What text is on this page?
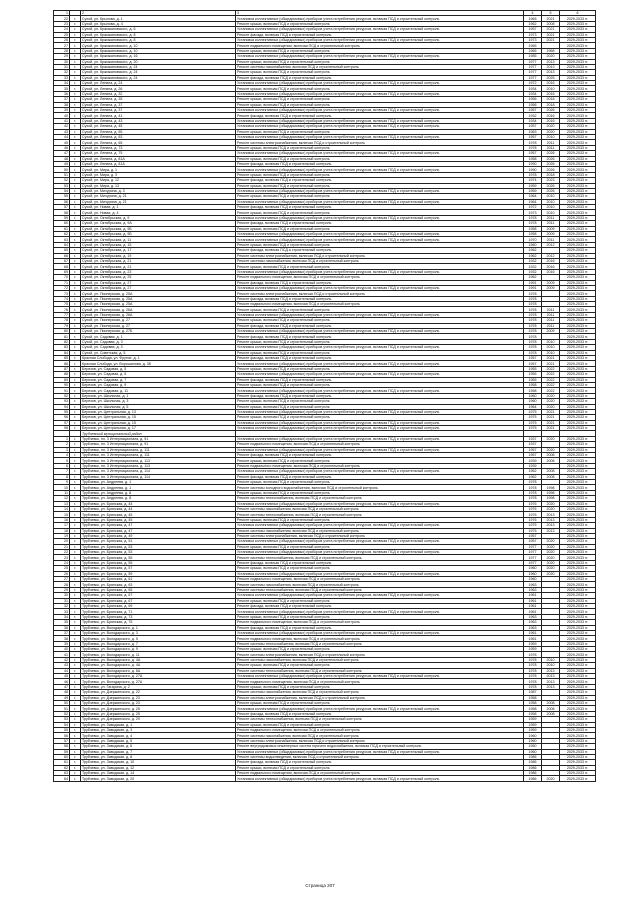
1		2	3	4	5	6
22	г.	Сухой, ул. Крылова, д. 1	Установка коллективных (общедомовых) приборов учета потребления ресурсов, включая ПСД и строительный контроль	1965	2021	2029-2033 гг.
23	г.	Сухой, ул. Крылова, д. 4	Ремонт крыши, включая ПСД и строительный контроль	1962	2008	2029-2033 гг.
24	г.	Сухой, ул. Кржижановского, д. 6	Установка коллективных (общедомовых) приборов учета потребления ресурсов, включая ПСД и строительный контроль	1957	2021	2029-2033 гг.
25	г.	Сухой, ул. Кржижановского, д. 8	Ремонт фасада, включая ПСД и строительный контроль	1973	2021	2029-2033 гг.
26	г.	Сухой, ул. Кржижановского, д. 8	Установка коллективных (общедомовых) приборов учета потребления ресурсов, включая ПСД и строительный контроль	1973	2021	2029-2033 гг.
27	г.	Сухой, ул. Кржижановского, д. 10	Ремонт подвального помещения, включая ПСД и строительный контроль	1965		2029-2033 гг.
28	г.	Сухой, ул. Кржижановского, д. 10	Ремонт крыши, включая ПСД и строительный контроль	1965	1968	2029-2033 гг.
29	г.	Сухой, ул. Кржижановского, д. 16	Установка коллективных (общедомовых) приборов учета потребления ресурсов, включая ПСД и строительный контроль	1985	2020	2029-2033 гг.
30	г.	Сухой, ул. Кржижановского, д. 20	Ремонт крыши, включая ПСД и строительный контроль	1977	2013	2029-2033 гг.
31	г.	Сухой, ул. Кржижановского, д. 24	Ремонт системы газоснабжения, включая ПСД и строительный контроль	1977	2013	2029-2033 гг.
32	г.	Сухой, ул. Кржижановского, д. 24	Ремонт крыши, включая ПСД и строительный контроль	1977	2013	2029-2033 гг.
33	г.	Сухой, ул. Кржижановского, д. 24	Ремонт фасада, включая ПСД и строительный контроль	1977	2025	2029-2033 гг.
34	г.	Сухой, ул. Ленина, д. 24	Установка коллективных (общедомовых) приборов учета потребления ресурсов, включая ПСД и строительный контроль	1972	2016	2029-2033 гг.
35	г.	Сухой, ул. Ленина, д. 26	Ремонт крыши, включая ПСД и строительный контроль	1934	2010	2029-2033 гг.
36	г.	Сухой, ул. Ленина, д. 32	Установка коллективных (общедомовых) приборов учета потребления ресурсов, включая ПСД и строительный контроль	1934	2016	2029-2033 гг.
37	г.	Сухой, ул. Ленина, д. 35	Ремонт крыши, включая ПСД и строительный контроль	1956	2018	2029-2033 гг.
38	г.	Сухой, ул. Ленина, д. 37	Ремонт крыши, включая ПСД и строительный контроль	1956	2018	2029-2033 гг.
39	г.	Сухой, ул. Ленина, д. 37	Установка коллективных (общедомовых) приборов учета потребления ресурсов, включая ПСД и строительный контроль	1957	2026	2029-2033 гг.
40	г.	Сухой, ул. Ленина, д. 41	Ремонт фасада, включая ПСД и строительный контроль	1932	2016	2029-2033 гг.
41	г.	Сухой, ул. Ленина, д. 43	Установка коллективных (общедомовых) приборов учета потребления ресурсов, включая ПСД и строительный контроль	1934	2016	2029-2033 гг.
42	г.	Сухой, ул. Ленина, д. 45	Установка коллективных (общедомовых) приборов учета потребления ресурсов, включая ПСД и строительный контроль	1957	2020	2029-2033 гг.
43	г.	Сухой, ул. Ленина, д. 55	Ремонт крыши, включая ПСД и строительный контроль	1963	2020	2029-2033 гг.
44	г.	Сухой, ул. Ленина, д. 63	Установка коллективных (общедомовых) приборов учета потребления ресурсов, включая ПСД и строительный контроль	1957	2010	2029-2033 гг.
45	г.	Сухой, ул. Ленина, д. 65	Ремонт системы электроснабжения, включая ПСД и строительный контроль	1978	2011	2029-2033 гг.
46	г.	Сухой, ул. Ленина, д. 73	Ремонт крыши, включая ПСД и строительный контроль	1978	2011	2029-2033 гг.
47	г.	Сухой, ул. Ленина, д. 75	Установка коллективных (общедомовых) приборов учета потребления ресурсов, включая ПСД и строительный контроль	1957	2026	2029-2033 гг.
48	г.	Сухой, ул. Ленина, д. 81А	Ремонт крыши, включая ПСД и строительный контроль	1958	2026	2029-2033 гг.
49	г.	Сухой, ул. Ленина, д. 81А	Ремонт фасада, включая ПСД и строительный контроль	1990	2026	2029-2033 гг.
50	г.	Сухой, ул. Мира, д. 1	Установка коллективных (общедомовых) приборов учета потребления ресурсов, включая ПСД и строительный контроль	1990	2026	2029-2033 гг.
51	г.	Сухой, ул. Мира, д. 3	Ремонт крыши, включая ПСД и строительный контроль	1978	2018	2029-2033 гг.
52	г.	Сухой, ул. Мира, д. 12	Ремонт фасада, включая ПСД и строительный контроль	1974	2023	2029-2033 гг.
53	г.	Сухой, ул. Мира, д. 13	Ремонт крыши, включая ПСД и строительный контроль	1959	2026	2029-2033 гг.
54	г.	Сухой, ул. Мичурина, д. 3	Установка коллективных (общедомовых) приборов учета потребления ресурсов, включая ПСД и строительный контроль	1959	2026	2029-2033 гг.
55	г.	Сухой, ул. Мичурина, д. 21	Ремонт крыши, включая ПСД и строительный контроль	1964	2010	2029-2033 гг.
56	г.	Сухой, ул. Мичурина, д. 21	Установка коллективных (общедомовых) приборов учета потребления ресурсов, включая ПСД и строительный контроль	1964	2010	2029-2033 гг.
57	г.	Сухой, ул. Новая, д. 1	Ремонт фасада, включая ПСД и строительный контроль	1972	2010	2029-2033 гг.
58	г.	Сухой, ул. Новая, д. 4	Ремонт крыши, включая ПСД и строительный контроль	1973	2010	2029-2033 гг.
59	г.	Сухой, ул. Октябрьская, д. 9	Установка коллективных (общедомовых) приборов учета потребления ресурсов, включая ПСД и строительный контроль	1978	2011	2029-2033 гг.
60	г.	Сухой, ул. Октябрьская, д. 9А	Ремонт фасада, включая ПСД и строительный контроль	1978	2011	2029-2033 гг.
61	г.	Сухой, ул. Октябрьская, д. 9Б	Ремонт крыши, включая ПСД и строительный контроль	1958	2009	2029-2033 гг.
62	г.	Сухой, ул. Октябрьская, д. 9Б	Установка коллективных (общедомовых) приборов учета потребления ресурсов, включая ПСД и строительный контроль	1958	2009	2029-2033 гг.
63	г.	Сухой, ул. Октябрьская, д. 11	Установка коллективных (общедомовых) приборов учета потребления ресурсов, включая ПСД и строительный контроль	1970	2011	2029-2033 гг.
64	г.	Сухой, ул. Октябрьская, д. 15	Ремонт крыши, включая ПСД и строительный контроль	1960	2012	2029-2033 гг.
65	г.	Сухой, ул. Октябрьская, д. 17	Ремонт фасада, включая ПСД и строительный контроль	1962		2029-2033 гг.
66	г.	Сухой, ул. Октябрьская, д. 19	Ремонт системы электроснабжения, включая ПСД и строительный контроль	1962	2012	2029-2033 гг.
67	г.	Сухой, ул. Октябрьская, д. 21	Ремонт системы газоснабжения, включая ПСД и строительный контроль	1932	2016	2029-2033 гг.
68	г.	Сухой, ул. Октябрьская, д. 21	Ремонт крыши, включая ПСД и строительный контроль	1932	2016	2029-2033 гг.
69	г.	Сухой, ул. Октябрьская, д. 23	Установка коллективных (общедомовых) приборов учета потребления ресурсов, включая ПСД и строительный контроль	1932	2016	2029-2033 гг.
70	г.	Сухой, ул. Октябрьская, д. 25	Ремонт подвального помещения, включая ПСД и строительный контроль	1962		2029-2033 гг.
71	г.	Сухой, ул. Октябрьская, д. 27	Ремонт фасада, включая ПСД и строительный контроль	1991	2009	2029-2033 гг.
72	г.	Сухой, ул. Октябрьская, д. 27	Установка коллективных (общедомовых) приборов учета потребления ресурсов, включая ПСД и строительный контроль	1991	2009	2029-2033 гг.
73	г.	Сухой, ул. Пионерская, д. 25А	Ремонт системы электроснабжения, включая ПСД и строительный контроль	1978		2029-2033 гг.
74	г.	Сухой, ул. Пионерская, д. 25А	Ремонт фасада, включая ПСД и строительный контроль	1978		2029-2033 гг.
75	г.	Сухой, ул. Пионерская, д. 25А	Ремонт подвального помещения, включая ПСД и строительный контроль	1978		2029-2033 гг.
76	г.	Сухой, ул. Пионерская, д. 26А	Ремонт крыши, включая ПСД и строительный контроль	1978	2011	2029-2033 гг.
77	г.	Сухой, ул. Пионерская, д. 26А	Установка коллективных (общедомовых) приборов учета потребления ресурсов, включая ПСД и строительный контроль	1978	2011	2029-2033 гг.
78	г.	Сухой, ул. Пионерская, д. 27	Ремонт крыши, включая ПСД и строительный контроль	1978	2011	2029-2033 гг.
79	г.	Сухой, ул. Пионерская, д. 27	Ремонт фасада, включая ПСД и строительный контроль	1978	2011	2029-2033 гг.
80	г.	Сухой, ул. Пионерская, д. 27Б	Установка коллективных (общедомовых) приборов учета потребления ресурсов, включая ПСД и строительный контроль	1978	2009	2029-2033 гг.
81	г.	Сухой, ул. Садовая, д. 1	Ремонт фасада, включая ПСД и строительный контроль	1978		2029-2033 гг.
82	г.	Сухой, ул. Садовая, д. 3	Ремонт крыши, включая ПСД и строительный контроль	1978	2010	2029-2033 гг.
83	г.	Сухой, ул. Садовая, д. 3	Установка коллективных (общедомовых) приборов учета потребления ресурсов, включая ПСД и строительный контроль	1978	2010	2029-2033 гг.
84	г.	Сухой, ул. Советская, д. 5	Ремонт крыши, включая ПСД и строительный контроль	1978	2010	2029-2033 гг.
85	г.	Красная Слобода, ул. Фрунзе, д. 1	Ремонт фасада, включая ПСД и строительный контроль	1957	2021	2029-2033 гг.
86	г.	Красная Слобода, ул. Ворошилова, д. 38	Установка коллективных (общедомовых) приборов учета потребления ресурсов, включая ПСД и строительный контроль	1957	2021	2029-2033 гг.
87	г.	Березов, ул. Садовая, д. 5	Ремонт крыши, включая ПСД и строительный контроль	1955	2022	2029-2033 гг.
88	г.	Березов, ул. Садовая, д. 5	Установка коллективных (общедомовых) приборов учета потребления ресурсов, включая ПСД и строительный контроль	1955	2022	2029-2033 гг.
89	г.	Березов, ул. Садовая, д. 7	Ремонт фасада, включая ПСД и строительный контроль	1955	2022	2029-2033 гг.
90	г.	Березов, ул. Садовая, д. 9	Ремонт крыши, включая ПСД и строительный контроль	1958	2022	2029-2033 гг.
91	г.	Березов, ул. Садовая, д. 11	Установка коллективных (общедомовых) приборов учета потребления ресурсов, включая ПСД и строительный контроль	1958	2022	2029-2033 гг.
92	г.	Березов, ул. Школьная, д. 1	Ремонт фасада, включая ПСД и строительный контроль	1960	2020	2029-2033 гг.
93	г.	Березов, ул. Школьная, д. 3	Ремонт крыши, включая ПСД и строительный контроль	1960	2020	2029-2033 гг.
94	г.	Березов, ул. Школьная, д. 5	Ремонт крыши, включая ПСД и строительный контроль	1964	2020	2029-2033 гг.
95	г.	Березов, ул. Центральная, д. 13	Установка коллективных (общедомовых) приборов учета потребления ресурсов, включая ПСД и строительный контроль	1975	2021	2029-2033 гг.
96	г.	Березов, ул. Центральная, д. 15	Ремонт крыши, включая ПСД и строительный контроль	1975	2021	2029-2033 гг.
97	г.	Березов, ул. Центральная, д. 15	Установка коллективных (общедомовых) приборов учета потребления ресурсов, включая ПСД и строительный контроль	1975	2021	2029-2033 гг.
98	г.	Березов, ул. Центральная, д. 17	Установка коллективных (общедомовых) приборов учета потребления ресурсов, включая ПСД и строительный контроль	1975	2021	2029-2033 гг.
		Трубчевский муниципальный район				
1	г.	Трубчевск, пл. 3 Интернационала, д. 91	Установка коллективных (общедомовых) приборов учета потребления ресурсов, включая ПСД и строительный контроль	1937	2020	2029-2033 гг.
2	г.	Трубчевск, пл. 3 Интернационала, д. 91	Ремонт подвального помещения, включая ПСД и строительный контроль	1937		2029-2033 гг.
3	г.	Трубчевск, пл. 3 Интернационала, д. 111	Установка коллективных (общедомовых) приборов учета потребления ресурсов, включая ПСД и строительный контроль	1957	2020	2029-2033 гг.
4	г.	Трубчевск, пл. 3 Интернационала, д. 111	Ремонт фасада, включая ПСД и строительный контроль	1957	2008	2029-2033 гг.
5	г.	Трубчевск, пл. 3 Интернационала, д. 113	Ремонт крыши, включая ПСД и строительный контроль	1939	2008	2029-2033 гг.
6	г.	Трубчевск, пл. 3 Интернационала, д. 113	Ремонт подвального помещения, включая ПСД и строительный контроль	1939		2029-2033 гг.
7	г.	Трубчевск, пл. 3 Интернационала, д. 114	Установка коллективных (общедомовых) приборов учета потребления ресурсов, включая ПСД и строительный контроль	1962	2008	2029-2033 гг.
8	г.	Трубчевск, пл. 3 Интернационала, д. 114	Ремонт фасада, включая ПСД и строительный контроль	1962	2008	2029-2033 гг.
9	г.	Трубчевск, ул. Андреева, д. 1	Ремонт крыши, включая ПСД и строительный контроль	1978		2029-2033 гг.
10	г.	Трубчевск, ул. Андреева, д. 1	Ремонт системы холодного водоснабжения, включая ПСД и строительный контроль	1978	1998	2029-2033 гг.
11	г.	Трубчевск, ул. Андреева, д. 8	Ремонт крыши, включая ПСД и строительный контроль	1978	1998	2029-2033 гг.
12	г.	Трубчевск, ул. Андреева, д. 8	Ремонт системы теплоснабжения, включая ПСД и строительный контроль	1978	1998	2029-2033 гг.
13	г.	Трубчевск, ул. Брянская, д. 44	Установка коллективных (общедомовых) приборов учета потребления ресурсов, включая ПСД и строительный контроль	1976	2020	2029-2033 гг.
14	г.	Трубчевск, ул. Брянская, д. 44	Ремонт системы газоснабжения, включая ПСД и строительный контроль	1976	2020	2029-2033 гг.
15	г.	Трубчевск, ул. Брянская, д. 45	Ремонт системы теплоснабжения, включая ПСД и строительный контроль	1976	2013	2029-2033 гг.
16	г.	Трубчевск, ул. Брянская, д. 45	Ремонт крыши, включая ПСД и строительный контроль	1976	2013	2029-2033 гг.
17	г.	Трубчевск, ул. Брянская, д. 47	Установка коллективных (общедомовых) приборов учета потребления ресурсов, включая ПСД и строительный контроль	1975	2013	2029-2033 гг.
18	г.	Трубчевск, ул. Брянская, д. 47	Ремонт системы газоснабжения, включая ПСД и строительный контроль	1975	2013	2029-2033 гг.
19	г.	Трубчевск, ул. Брянская, д. 49	Ремонт системы электроснабжения, включая ПСД и строительный контроль	1957		2029-2033 гг.
20	г.	Трубчевск, ул. Брянская, д. 51	Установка коллективных (общедомовых) приборов учета потребления ресурсов, включая ПСД и строительный контроль	1957	2020	2029-2033 гг.
21	г.	Трубчевск, ул. Брянская, д. 53	Ремонт крыши, включая ПСД и строительный контроль	1977	2020	2029-2033 гг.
22	г.	Трубчевск, ул. Брянская, д. 53	Установка коллективных (общедомовых) приборов учета потребления ресурсов, включая ПСД и строительный контроль	1977	2020	2029-2033 гг.
23	г.	Трубчевск, ул. Брянская, д. 55	Ремонт системы теплоснабжения, включая ПСД и строительный контроль	1977	2020	2029-2033 гг.
24	г.	Трубчевск, ул. Брянская, д. 55	Ремонт фасада, включая ПСД и строительный контроль	1977	2020	2029-2033 гг.
25	г.	Трубчевск, ул. Брянская, д. 57	Ремонт крыши, включая ПСД и строительный контроль	1960	2020	2029-2033 гг.
26	г.	Трубчевск, ул. Брянская, д. 59	Установка коллективных (общедомовых) приборов учета потребления ресурсов, включая ПСД и строительный контроль	1960	2020	2029-2033 гг.
27	г.	Трубчевск, ул. Брянская, д. 61	Ремонт подвального помещения, включая ПСД и строительный контроль	1960		2029-2033 гг.
28	г.	Трубчевск, ул. Брянская, д. 63	Ремонт системы газоснабжения, включая ПСД и строительный контроль	1963		2029-2033 гг.
29	г.	Трубчевск, ул. Брянская, д. 65	Ремонт системы теплоснабжения, включая ПСД и строительный контроль	1963		2029-2033 гг.
30	г.	Трубчевск, ул. Брянская, д. 67	Установка коллективных (общедомовых) приборов учета потребления ресурсов, включая ПСД и строительный контроль	1961		2029-2033 гг.
31	г.	Трубчевск, ул. Брянская, д. 67	Ремонт крыши, включая ПСД и строительный контроль	1961		2029-2033 гг.
32	г.	Трубчевск, ул. Брянская, д. 69	Ремонт фасада, включая ПСД и строительный контроль	1961		2029-2033 гг.
33	г.	Трубчевск, ул. Брянская, д. 71	Установка коллективных (общедомовых) приборов учета потребления ресурсов, включая ПСД и строительный контроль	1961		2029-2033 гг.
34	г.	Трубчевск, ул. Брянская, д. 73	Ремонт крыши, включая ПСД и строительный контроль	1963		2029-2033 гг.
35	г.	Трубчевск, ул. Брянская, д. 75	Ремонт подвального помещения, включая ПСД и строительный контроль	1963		2029-2033 гг.
36	г.	Трубчевск, ул. Володарского, д. 1	Ремонт фасада, включая ПСД и строительный контроль	1963		2029-2033 гг.
37	г.	Трубчевск, ул. Володарского, д. 3	Установка коллективных (общедомовых) приборов учета потребления ресурсов, включая ПСД и строительный контроль	1961		2029-2033 гг.
38	г.	Трубчевск, ул. Володарского, д. 5	Ремонт подвального помещения, включая ПСД и строительный контроль	1961		2029-2033 гг.
39	г.	Трубчевск, ул. Володарского, д. 7	Ремонт системы теплоснабжения, включая ПСД и строительный контроль	1959		2029-2033 гг.
40	г.	Трубчевск, ул. Володарского, д. 9	Ремонт крыши, включая ПСД и строительный контроль	1959		2029-2033 гг.
41	г.	Трубчевск, ул. Володарского, д. 11	Ремонт системы электроснабжения, включая ПСД и строительный контроль	1978		2029-2033 гг.
42	г.	Трубчевск, ул. Володарского, д. 4А	Ремонт системы газоснабжения, включая ПСД и строительный контроль	1978	2010	2029-2033 гг.
43	г.	Трубчевск, ул. Володарского, д. 4А	Ремонт крыши, включая ПСД и строительный контроль	1978	2010	2029-2033 гг.
44	г.	Трубчевск, ул. Володарского, д. 6А	Ремонт системы теплоснабжения, включая ПСД и строительный контроль	1978	2013	2029-2033 гг.
45	г.	Трубчевск, ул. Володарского, д. 27А	Установка коллективных (общедомовых) приборов учета потребления ресурсов, включая ПСД и строительный контроль	1978	2013	2029-2033 гг.
46	г.	Трубчевск, ул. Володарского, д. 27А	Ремонт подвального помещения, включая ПСД и строительный контроль	1978	2013	2029-2033 гг.
47	г.	Трубчевск, ул. Гагарина, д. 2	Ремонт крыши, включая ПСД и строительный контроль	1978	2013	2029-2033 гг.
48	г.	Трубчевск, ул. Дзержинского, д. 22	Ремонт системы газоснабжения, включая ПСД и строительный контроль	1987		2029-2033 гг.
49	г.	Трубчевск, ул. Дзержинского, д. 23	Ремонт системы электроснабжения, включая ПСД и строительный контроль	1958		2029-2033 гг.
50	г.	Трубчевск, ул. Дзержинского, д. 23	Ремонт крыши, включая ПСД и строительный контроль	1958	2008	2029-2033 гг.
51	г.	Трубчевск, ул. Дзержинского, д. 25	Установка коллективных (общедомовых) приборов учета потребления ресурсов, включая ПСД и строительный контроль	1958	2008	2029-2033 гг.
52	г.	Трубчевск, ул. Дзержинского, д. 25	Ремонт фасада, включая ПСД и строительный контроль	1958	2008	2029-2033 гг.
53	г.	Трубчевск, ул. Дзержинского, д. 29	Ремонт системы теплоснабжения, включая ПСД и строительный контроль	1959		2029-2033 гг.
54	г.	Трубчевск, ул. Заводская, д. 1	Ремонт крыши, включая ПСД и строительный контроль	1959		2029-2033 гг.
55	г.	Трубчевск, ул. Заводская, д. 3	Ремонт подвального помещения, включая ПСД и строительный контроль	1959		2029-2033 гг.
56	г.	Трубчевск, ул. Заводская, д. 4	Ремонт системы газоснабжения, включая ПСД и строительный контроль	1960		2029-2033 гг.
57	г.	Трубчевск, ул. Заводская, д. 5	Ремонт системы электроснабжения, включая ПСД и строительный контроль	1960		2029-2033 гг.
58	г.	Трубчевск, ул. Заводская, д. 6	Ремонт внутридомовых инженерных систем горячего водоснабжения, включая ПСД и строительный контроль	1960		2029-2033 гг.
59	г.	Трубчевск, ул. Заводская, д. 7	Установка коллективных (общедомовых) приборов учета потребления ресурсов, включая ПСД и строительный контроль	1960		2029-2033 гг.
60	г.	Трубчевск, ул. Заводская, д. 8	Ремонт системы водоотведения, включая ПСД и строительный контроль	1986		2029-2033 гг.
61	г.	Трубчевск, ул. Заводская, д. 10	Ремонт фасада, включая ПСД и строительный контроль	1986		2029-2033 гг.
62	г.	Трубчевск, ул. Заводская, д. 12	Ремонт крыши, включая ПСД и строительный контроль	1986		2029-2033 гг.
63	г.	Трубчевск, ул. Заводская, д. 14	Ремонт подвального помещения, включая ПСД и строительный контроль	1986		2029-2033 гг.
64	г.	Трубчевск, ул. Заводская, д. 20	Установка коллективных (общедомовых) приборов учета потребления ресурсов, включая ПСД и строительный контроль	1986	2020	2029-2033 гг.
Страница 207
